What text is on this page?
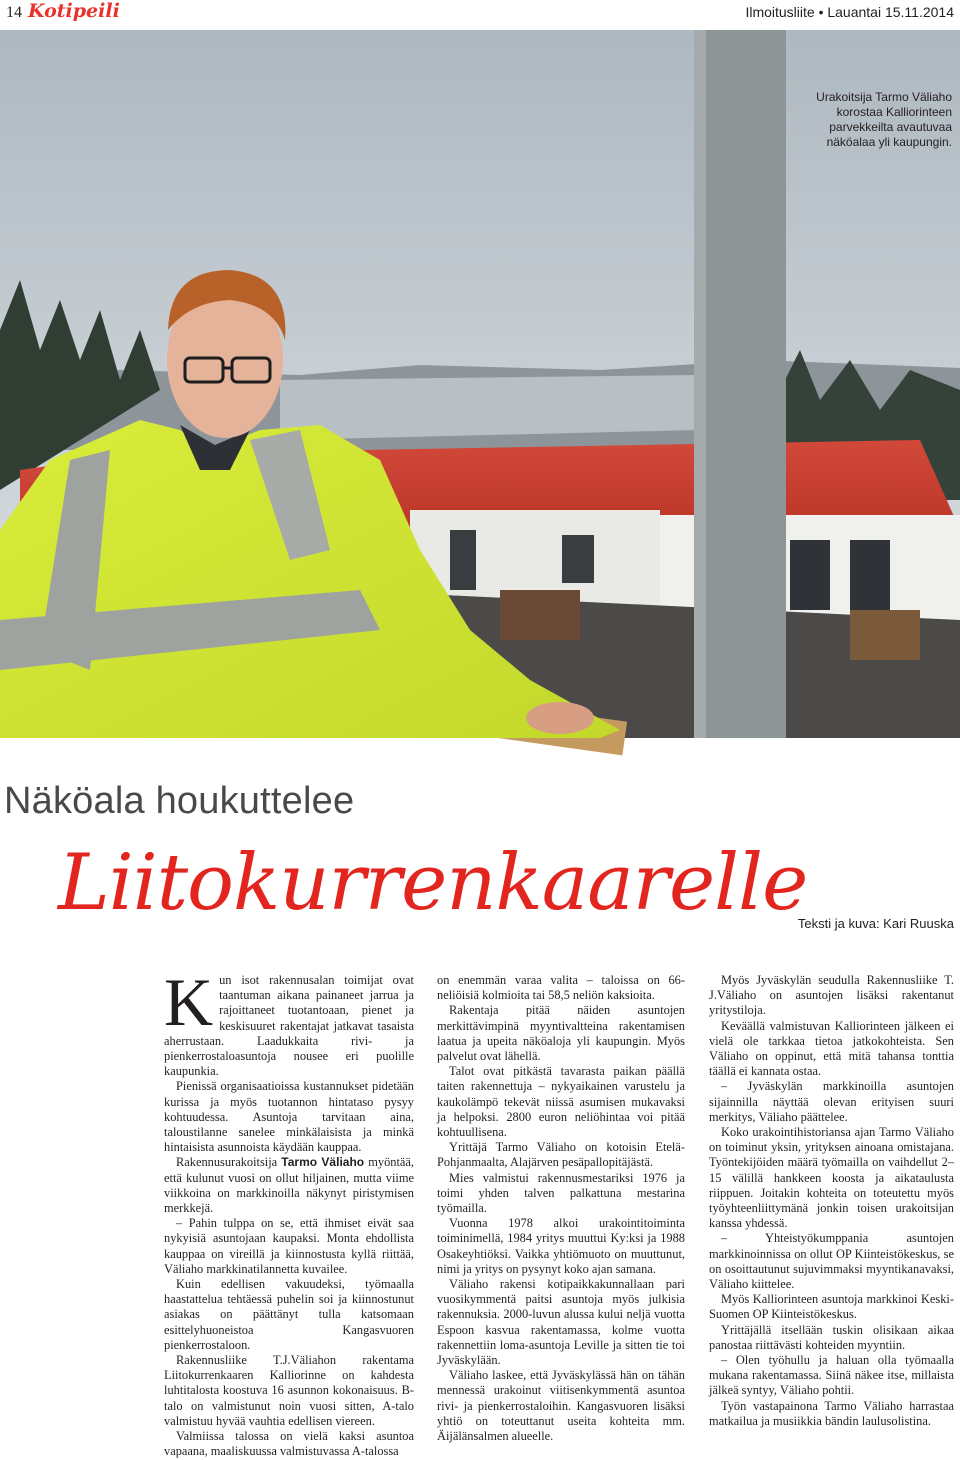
14 Kotipeili	Ilmoitusliite • Lauantai 15.11.2014
Urakoitsija Tarmo Väliaho korostaa Kalliorinteen parvekkeilta avautuvaa näköalaa yli kaupungin.
Näköala houkuttelee
Liitokurrenkaarelle
Teksti ja kuva: Kari Ruuska

Kun isot rakennusalan toimijat ovat taantuman aikana painaneet jarrua ja rajoittaneet tuotantoaan, pienet ja keskisuuret rakentajat jatkavat tasaista aherrustaan. Laadukkaita rivi- ja pienkerrostaloasuntoja nousee eri puolille kaupunkia.

Pienissä organisaatioissa kustannukset pidetään kurissa ja myös tuotannon hintataso pysyy kohtuudessa. Asuntoja tarvitaan aina, taloustilanne sanelee minkälaisista ja minkä hintaisista asunnoista käydään kauppaa.

Rakennusurakoitsija Tarmo Väliaho myöntää, että kulunut vuosi on ollut hiljainen, mutta viime viikkoina on markkinoilla näkynyt piristymisen merkkejä.

– Pahin tulppa on se, että ihmiset eivät saa nykyisiä asuntojaan kaupaksi. Monta ehdollista kauppaa on vireillä ja kiinnostusta kyllä riittää, Väliaho markkinatilannetta kuvailee.

Kuin edellisen vakuudeksi, työmaalla haastattelua tehtäessä puhelin soi ja kiinnostunut asiakas on päättänyt tulla katsomaan esittelyhuoneistoa Kangasvuoren pienkerrostaloon.

Rakennusliike T.J.Väliahon rakentama Liitokurrenkaaren Kalliorinne on kahdesta luhtitalosta koostuva 16 asunnon kokonaisuus. B-talo on valmistunut noin vuosi sitten, A-talo valmistuu hyvää vauhtia edellisen viereen.

Valmiissa talossa on vielä kaksi asuntoa vapaana, maaliskuussa valmistuvassa A-talossa

on enemmän varaa valita – taloissa on 66-neliöisiä kolmioita tai 58,5 neliön kaksioita.

Rakentaja pitää näiden asuntojen merkittävimpinä myyntivaltteina rakentamisen laatua ja upeita näköaloja yli kaupungin. Myös palvelut ovat lähellä.

Talot ovat pitkästä tavarasta paikan päällä taiten rakennettuja – nykyaikainen varustelu ja kaukolämpö tekevät niissä asumisen mukavaksi ja helpoksi. 2800 euron neliöhintaa voi pitää kohtuullisena.

Yrittäjä Tarmo Väliaho on kotoisin Etelä-Pohjanmaalta, Alajärven pesäpallopitäjästä.

Mies valmistui rakennusmestariksi 1976 ja toimi yhden talven palkattuna mestarina työmailla.

Vuonna 1978 alkoi urakointitoiminta toiminimellä, 1984 yritys muuttui Ky:ksi ja 1988 Osakeyhtiöksi. Vaikka yhtiömuoto on muuttunut, nimi ja yritys on pysynyt koko ajan samana.

Väliaho rakensi kotipaikkakunnallaan pari vuosikymmentä paitsi asuntoja myös julkisia rakennuksia. 2000-luvun alussa kului neljä vuotta Espoon kasvua rakentamassa, kolme vuotta rakennettiin loma-asuntoja Leville ja sitten tie toi Jyväskylään.

Väliaho laskee, että Jyväskylässä hän on tähän mennessä urakoinut viitisenkymmentä asuntoa rivi- ja pienkerrostaloihin. Kangasvuoren lisäksi yhtiö on toteuttanut useita kohteita mm. Äijälänsalmen alueelle.

Myös Jyväskylän seudulla Rakennusliike T. J.Väliaho on asuntojen lisäksi rakentanut yritystiloja.

Keväällä valmistuvan Kalliorinteen jälkeen ei vielä ole tarkkaa tietoa jatkokohteista. Sen Väliaho on oppinut, että mitä tahansa tonttia täällä ei kannata ostaa.

– Jyväskylän markkinoilla asuntojen sijainnilla näyttää olevan erityisen suuri merkitys, Väliaho päättelee.

Koko urakointihistoriansa ajan Tarmo Väliaho on toiminut yksin, yrityksen ainoana omistajana. Työntekijöiden määrä työmailla on vaihdellut 2–15 välillä hankkeen koosta ja aikataulusta riippuen. Joitakin kohteita on toteutettu myös työyhteenliittymänä jonkin toisen urakoitsijan kanssa yhdessä.

– Yhteistyökumppania asuntojen markkinoinnissa on ollut OP Kiinteistökeskus, se on osoittautunut sujuvimmaksi myyntikanavaksi, Väliaho kiittelee.

Myös Kalliorinteen asuntoja markkinoi Keski-Suomen OP Kiinteistökeskus.

Yrittäjällä itsellään tuskin olisikaan aikaa panostaa riittävästi kohteiden myyntiin.

– Olen työhullu ja haluan olla työmaalla mukana rakentamassa. Siinä näkee itse, millaista jälkeä syntyy, Väliaho pohtii.

Työn vastapainona Tarmo Väliaho harrastaa matkailua ja musiikkia bändin laulusolistina.
